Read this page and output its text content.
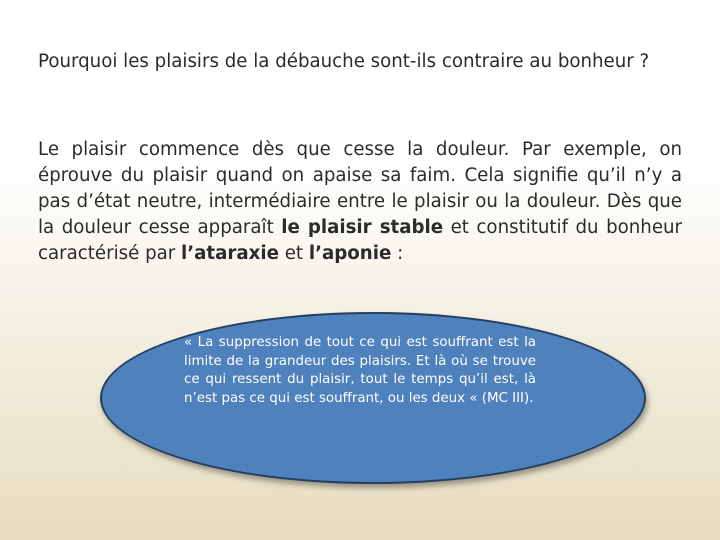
Pourquoi les plaisirs de la débauche sont-ils contraire au bonheur ?

Le plaisir commence dès que cesse la douleur. Par exemple, on éprouve du plaisir quand on apaise sa faim. Cela signifie qu’il n’y a pas d’état neutre, intermédiaire entre le plaisir ou la douleur. Dès que la douleur cesse apparaît le plaisir stable et constitutif du bonheur caractérisé par l’ataraxie et l’aponie :

« La suppression de tout ce qui est souffrant est la limite de la grandeur des plaisirs. Et là où se trouve ce qui ressent du plaisir, tout le temps qu’il est, là n’est pas ce qui est souffrant, ou les deux « (MC III).
